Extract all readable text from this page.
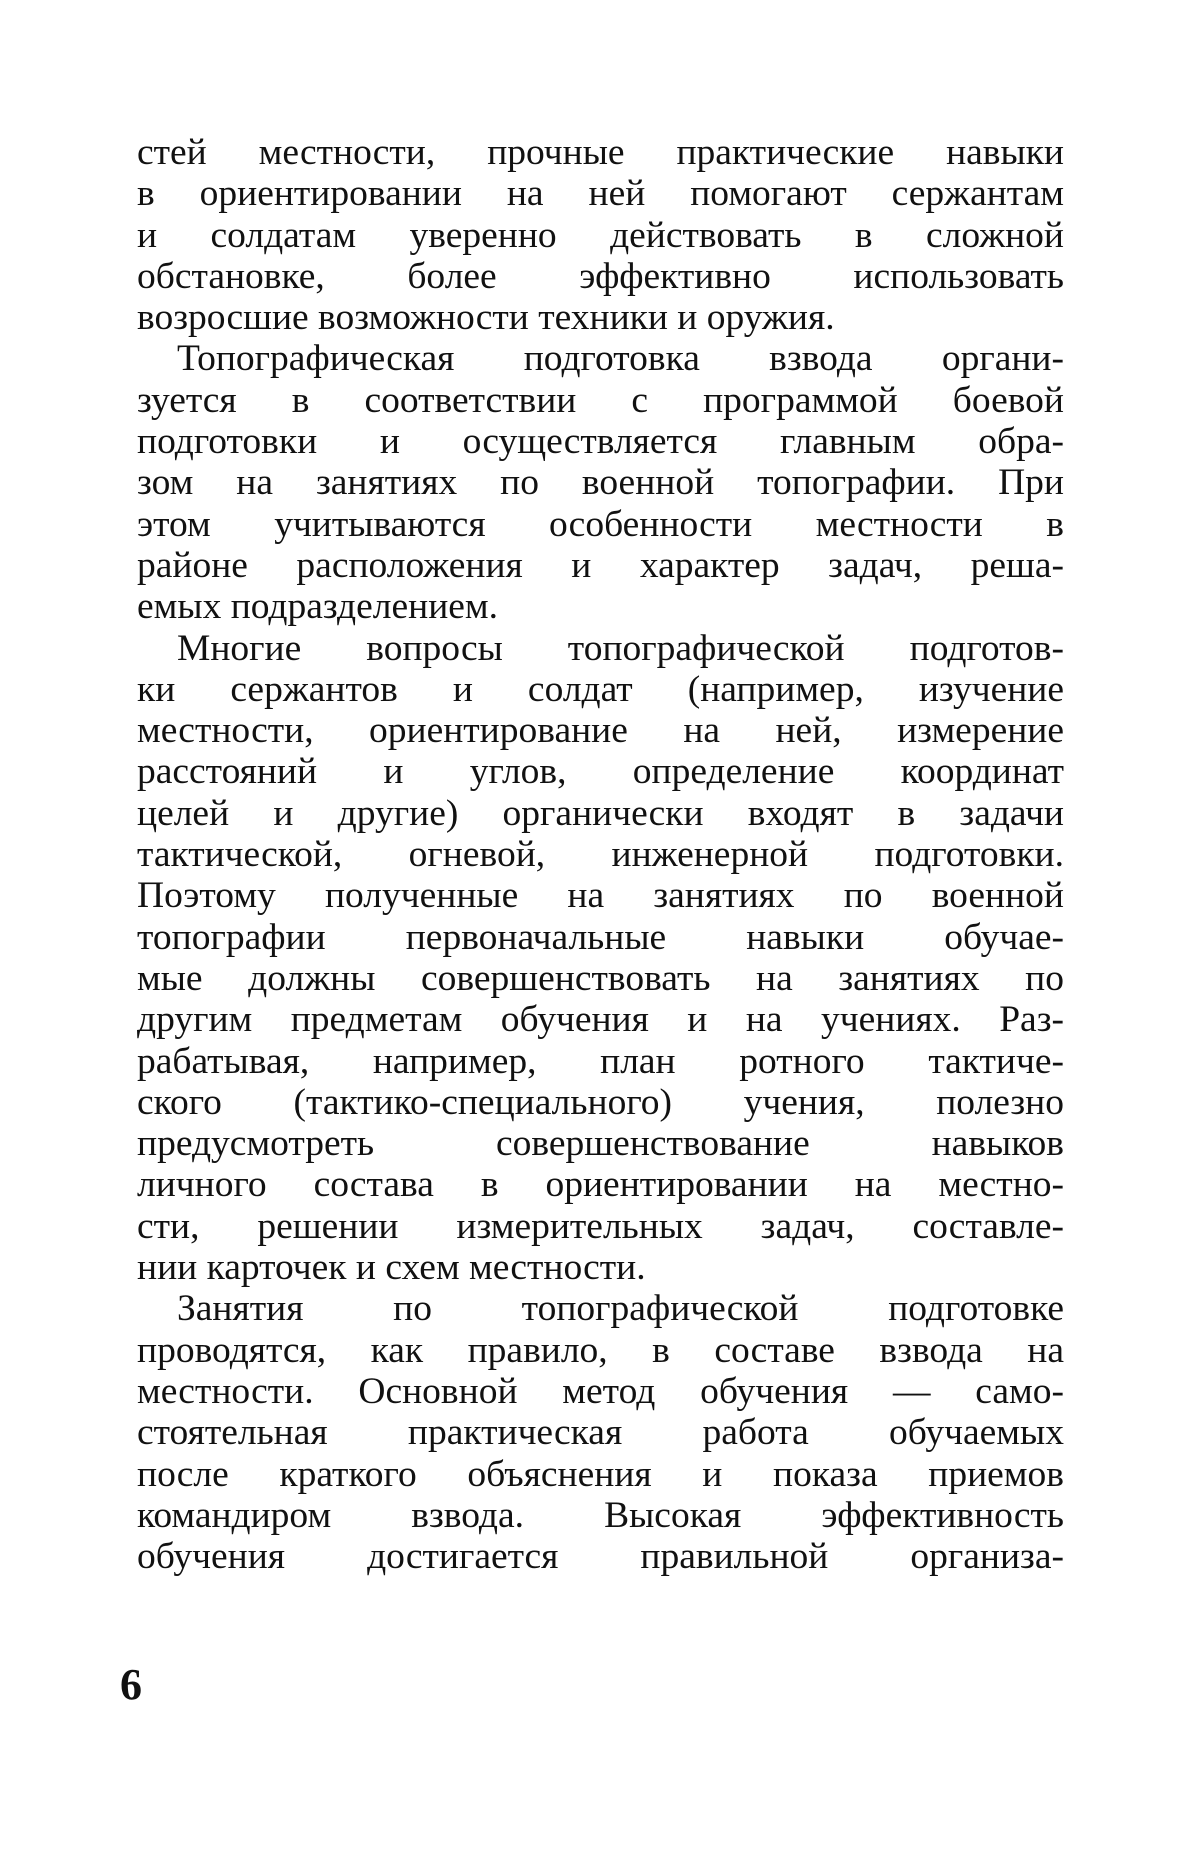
стей местности, прочные практические навыки
в ориентировании на ней помогают сержантам
и солдатам уверенно действовать в сложной
обстановке, более эффективно использовать
возросшие возможности техники и оружия.
Топографическая подготовка взвода органи-
зуется в соответствии с программой боевой
подготовки и осуществляется главным обра-
зом на занятиях по военной топографии. При
этом учитываются особенности местности в
районе расположения и характер задач, реша-
емых подразделением.
Многие вопросы топографической подготов-
ки сержантов и солдат (например, изучение
местности, ориентирование на ней, измерение
расстояний и углов, определение координат
целей и другие) органически входят в задачи
тактической, огневой, инженерной подготовки.
Поэтому полученные на занятиях по военной
топографии первоначальные навыки обучае-
мые должны совершенствовать на занятиях по
другим предметам обучения и на учениях. Раз-
рабатывая, например, план ротного тактиче-
ского (тактико-специального) учения, полезно
предусмотреть совершенствование навыков
личного состава в ориентировании на местно-
сти, решении измерительных задач, составле-
нии карточек и схем местности.
Занятия по топографической подготовке
проводятся, как правило, в составе взвода на
местности. Основной метод обучения — само-
стоятельная практическая работа обучаемых
после краткого объяснения и показа приемов
командиром взвода. Высокая эффективность
обучения достигается правильной организа-
6
